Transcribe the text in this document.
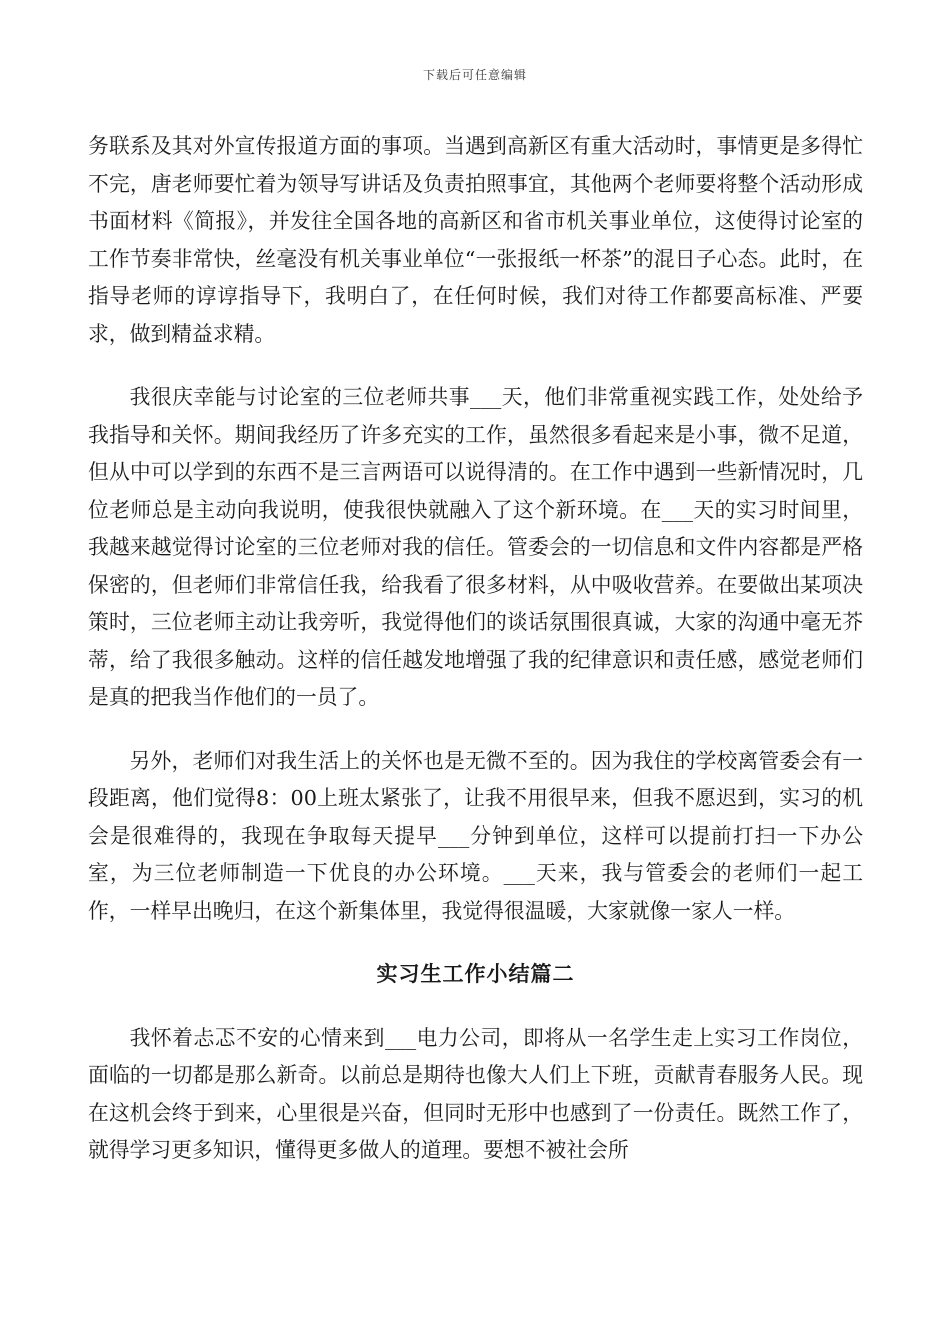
下载后可任意编辑

务联系及其对外宣传报道方面的事项。当遇到高新区有重大活动时，事情更是多得忙不完，唐老师要忙着为领导写讲话及负责拍照事宜，其他两个老师要将整个活动形成书面材料《简报》，并发往全国各地的高新区和省市机关事业单位，这使得讨论室的工作节奏非常快，丝毫没有机关事业单位“一张报纸一杯茶”的混日子心态。此时，在指导老师的谆谆指导下，我明白了，在任何时候，我们对待工作都要高标准、严要求，做到精益求精。

我很庆幸能与讨论室的三位老师共事___天，他们非常重视实践工作，处处给予我指导和关怀。期间我经历了许多充实的工作，虽然很多看起来是小事，微不足道，但从中可以学到的东西不是三言两语可以说得清的。在工作中遇到一些新情况时，几位老师总是主动向我说明，使我很快就融入了这个新环境。在___天的实习时间里，我越来越觉得讨论室的三位老师对我的信任。管委会的一切信息和文件内容都是严格保密的，但老师们非常信任我，给我看了很多材料，从中吸收营养。在要做出某项决策时，三位老师主动让我旁听，我觉得他们的谈话氛围很真诚，大家的沟通中毫无芥蒂，给了我很多触动。这样的信任越发地增强了我的纪律意识和责任感，感觉老师们是真的把我当作他们的一员了。

另外，老师们对我生活上的关怀也是无微不至的。因为我住的学校离管委会有一段距离，他们觉得8：00上班太紧张了，让我不用很早来，但我不愿迟到，实习的机会是很难得的，我现在争取每天提早___分钟到单位，这样可以提前打扫一下办公室，为三位老师制造一下优良的办公环境。___天来，我与管委会的老师们一起工作，一样早出晚归，在这个新集体里，我觉得很温暖，大家就像一家人一样。

实习生工作小结篇二

我怀着忐忑不安的心情来到___电力公司，即将从一名学生走上实习工作岗位，面临的一切都是那么新奇。以前总是期待也像大人们上下班，贡献青春服务人民。现在这机会终于到来，心里很是兴奋，但同时无形中也感到了一份责任。既然工作了，就得学习更多知识，懂得更多做人的道理。要想不被社会所
